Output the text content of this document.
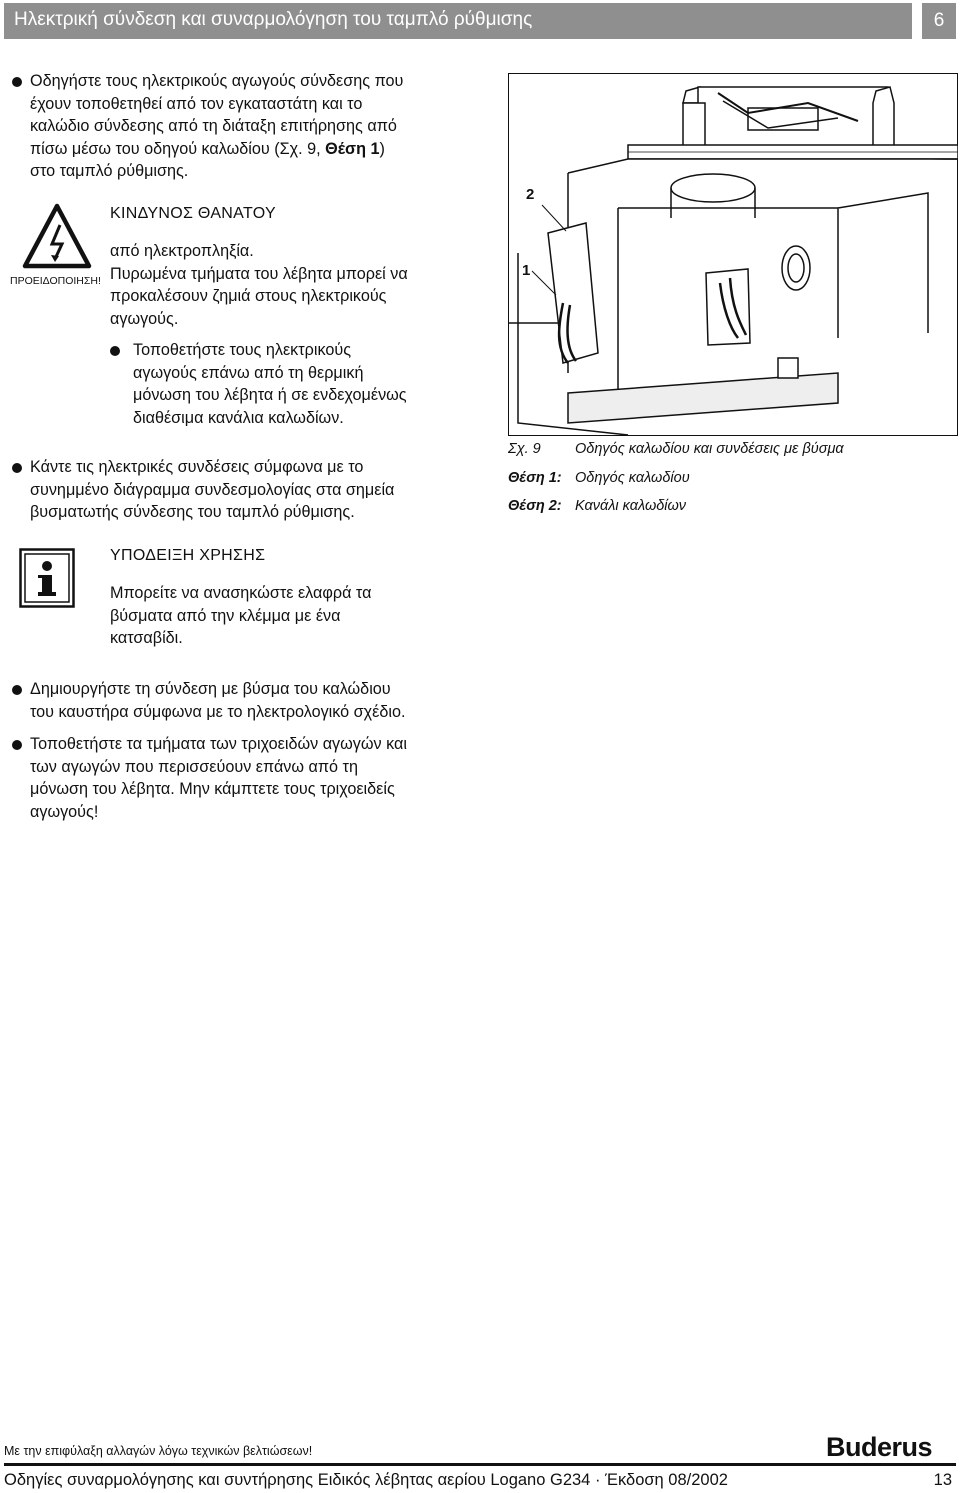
Ηλεκτρική σύνδεση και συναρμολόγηση του ταμπλό ρύθμισης	6

Οδηγήστε τους ηλεκτρικούς αγωγούς σύνδεσης που

έχουν τοποθετηθεί από τον εγκαταστάτη και το

καλώδιο σύνδεσης από τη διάταξη επιτήρησης από

πίσω μέσω του οδηγού καλωδίου (Σχ. 9, Θέση 1)

στο ταμπλό ρύθμισης.

ΠΡΟΕΙΔΟΠΟΙΗΣΗ!
ΚΙΝΔΥΝΟΣ ΘΑΝΑΤΟΥ

από ηλεκτροπληξία.

Πυρωμένα τμήματα του λέβητα μπορεί να

προκαλέσουν ζημιά στους ηλεκτρικούς

αγωγούς.

Τοποθετήστε τους ηλεκτρικούς

αγωγούς επάνω από τη θερμική

μόνωση του λέβητα ή σε ενδεχομένως

διαθέσιμα κανάλια καλωδίων.

Κάντε τις ηλεκτρικές συνδέσεις σύμφωνα με το

συνημμένο διάγραμμα συνδεσμολογίας στα σημεία

βυσματωτής σύνδεσης του ταμπλό ρύθμισης.

ΥΠΟΔΕΙΞΗ ΧΡΗΣΗΣ

Μπορείτε να ανασηκώστε ελαφρά τα

βύσματα από την κλέμμα με ένα

κατσαβίδι.

Δημιουργήστε τη σύνδεση με βύσμα του καλώδιου

του καυστήρα σύμφωνα με το ηλεκτρολογικό σχέδιο.

Τοποθετήστε τα τμήματα των τριχοειδών αγωγών και

των αγωγών που περισσεύουν επάνω από τη

μόνωση του λέβητα. Μην κάμπτετε τους τριχοειδείς

αγωγούς!

2
1
Σχ. 9 Οδηγός καλωδίου και συνδέσεις με βύσμα
Θέση 1: Οδηγός καλωδίου
Θέση 2: Κανάλι καλωδίων
Με την επιφύλαξη αλλαγών λόγω τεχνικών βελτιώσεων!	Buderus
Οδηγίες συναρμολόγησης και συντήρησης Ειδικός λέβητας αερίου Logano G234 · Έκδοση 08/2002	13
